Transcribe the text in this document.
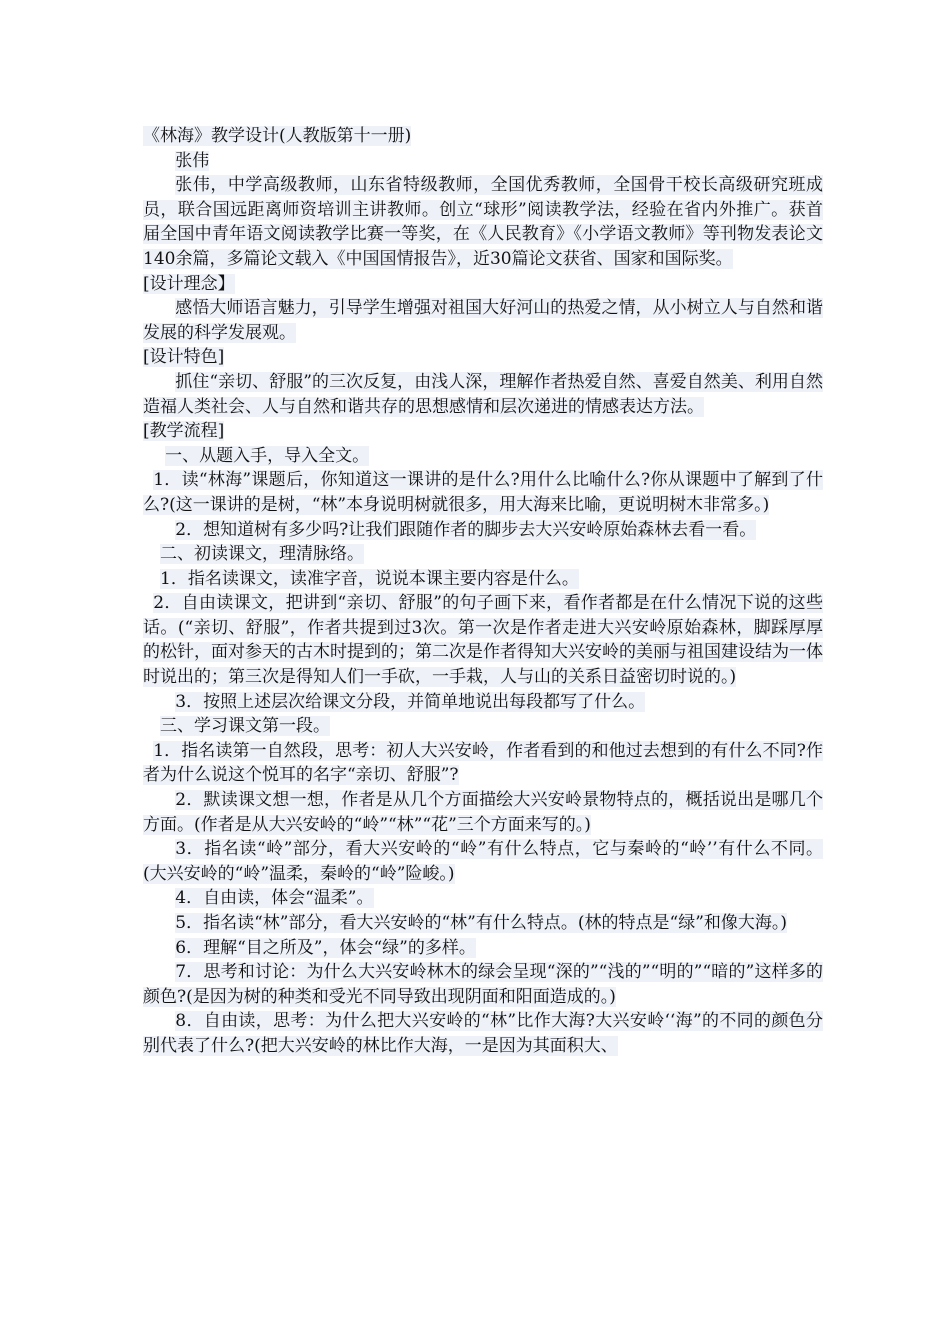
《林海》教学设计(人教版第十一册)

张伟

张伟，中学高级教师，山东省特级教师，全国优秀教师，全国骨干校长高级研究班成员，联合国远距离师资培训主讲教师。创立“球形”阅读教学法，经验在省内外推广。获首届全国中青年语文阅读教学比赛一等奖，在《人民教育》《小学语文教师》等刊物发表论文140余篇，多篇论文载入《中国国情报告》，近30篇论文获省、国家和国际奖。

[设计理念】

感悟大师语言魅力，引导学生增强对祖国大好河山的热爱之情，从小树立人与自然和谐发展的科学发展观。

[设计特色]

抓住“亲切、舒服”的三次反复，由浅人深，理解作者热爱自然、喜爱自然美、利用自然造福人类社会、人与自然和谐共存的思想感情和层次递进的情感表达方法。

[教学流程]

一、从题入手，导入全文。

1．读“林海”课题后，你知道这一课讲的是什么?用什么比喻什么?你从课题中了解到了什么?(这一课讲的是树，“林”本身说明树就很多，用大海来比喻，更说明树木非常多。)

2．想知道树有多少吗?让我们跟随作者的脚步去大兴安岭原始森林去看一看。

二、初读课文，理清脉络。

1．指名读课文，读准字音，说说本课主要内容是什么。

2．自由读课文，把讲到“亲切、舒服”的句子画下来，看作者都是在什么情况下说的这些话。(“亲切、舒服”，作者共提到过3次。第一次是作者走进大兴安岭原始森林，脚踩厚厚的松针，面对参天的古木时提到的；第二次是作者得知大兴安岭的美丽与祖国建设结为一体时说出的；第三次是得知人们一手砍，一手栽，人与山的关系日益密切时说的。)

3．按照上述层次给课文分段，并简单地说出每段都写了什么。

三、学习课文第一段。

1．指名读第一自然段，思考：初人大兴安岭，作者看到的和他过去想到的有什么不同?作者为什么说这个悦耳的名字“亲切、舒服”?

2．默读课文想一想，作者是从几个方面描绘大兴安岭景物特点的，概括说出是哪几个方面。(作者是从大兴安岭的“岭”“林”“花”三个方面来写的。)

3．指名读“岭”部分，看大兴安岭的“岭”有什么特点，它与秦岭的“岭’’有什么不同。(大兴安岭的“岭”温柔，秦岭的“岭”险峻。)

4．自由读，体会“温柔”。

5．指名读“林”部分，看大兴安岭的“林”有什么特点。(林的特点是“绿”和像大海。)

6．理解“目之所及”，体会“绿”的多样。

7．思考和讨论：为什么大兴安岭林木的绿会呈现“深的”“浅的”“明的”“暗的”这样多的颜色?(是因为树的种类和受光不同导致出现阴面和阳面造成的。)

8．自由读，思考：为什么把大兴安岭的“林”比作大海?大兴安岭‘‘海”的不同的颜色分别代表了什么?(把大兴安岭的林比作大海，一是因为其面积大、
